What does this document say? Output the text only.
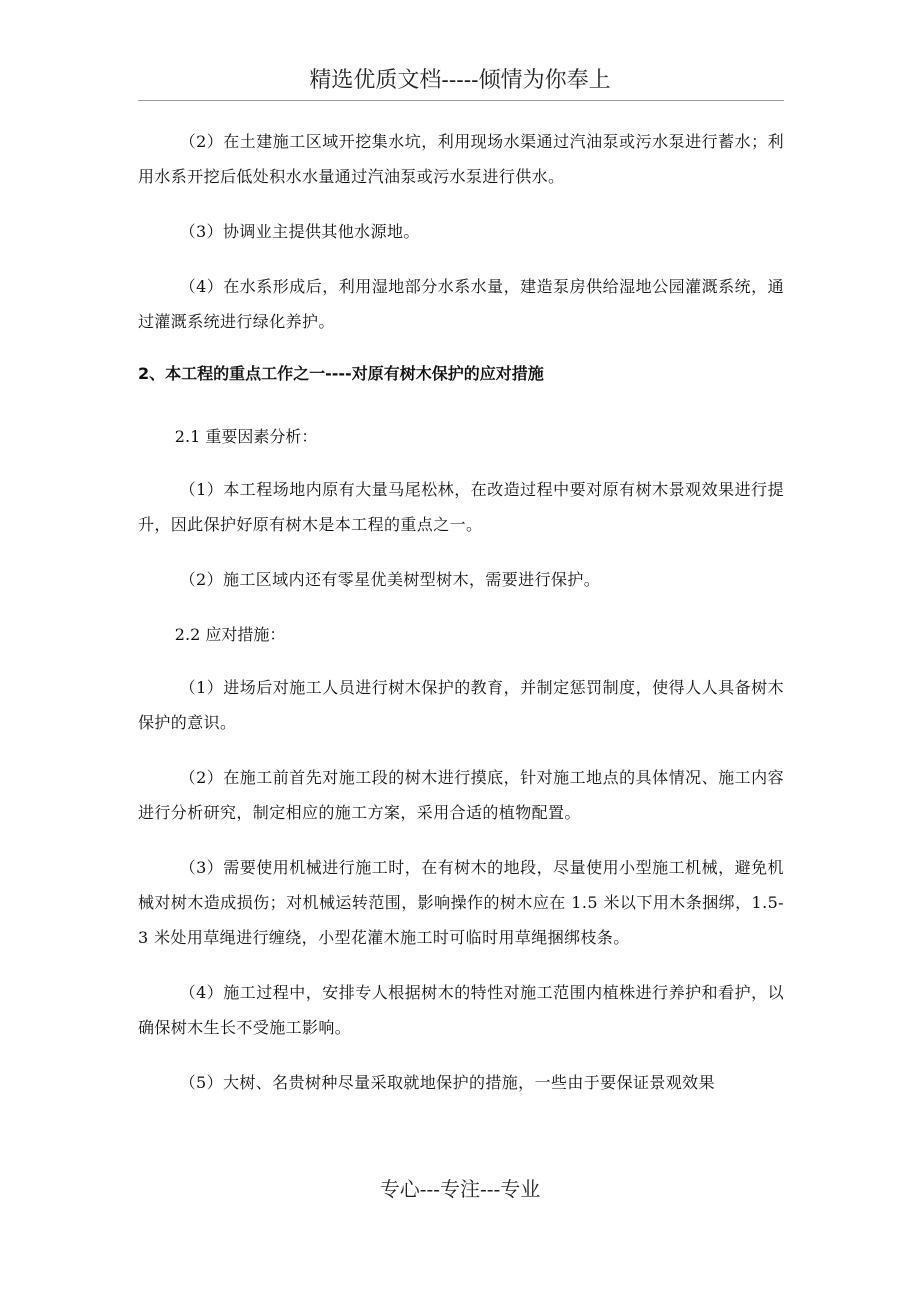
精选优质文档-----倾情为你奉上

（2）在土建施工区域开挖集水坑，利用现场水渠通过汽油泵或污水泵进行蓄水；利用水系开挖后低处积水水量通过汽油泵或污水泵进行供水。

（3）协调业主提供其他水源地。

（4）在水系形成后，利用湿地部分水系水量，建造泵房供给湿地公园灌溉系统，通过灌溉系统进行绿化养护。

2、本工程的重点工作之一----对原有树木保护的应对措施

2.1 重要因素分析：

（1）本工程场地内原有大量马尾松林，在改造过程中要对原有树木景观效果进行提升，因此保护好原有树木是本工程的重点之一。

（2）施工区域内还有零星优美树型树木，需要进行保护。

2.2 应对措施：

（1）进场后对施工人员进行树木保护的教育，并制定惩罚制度，使得人人具备树木保护的意识。

（2）在施工前首先对施工段的树木进行摸底，针对施工地点的具体情况、施工内容进行分析研究，制定相应的施工方案，采用合适的植物配置。

（3）需要使用机械进行施工时，在有树木的地段，尽量使用小型施工机械，避免机械对树木造成损伤；对机械运转范围，影响操作的树木应在 1.5 米以下用木条捆绑，1.5-3 米处用草绳进行缠绕，小型花灌木施工时可临时用草绳捆绑枝条。

（4）施工过程中，安排专人根据树木的特性对施工范围内植株进行养护和看护，以确保树木生长不受施工影响。

（5）大树、名贵树种尽量采取就地保护的措施，一些由于要保证景观效果

专心---专注---专业
